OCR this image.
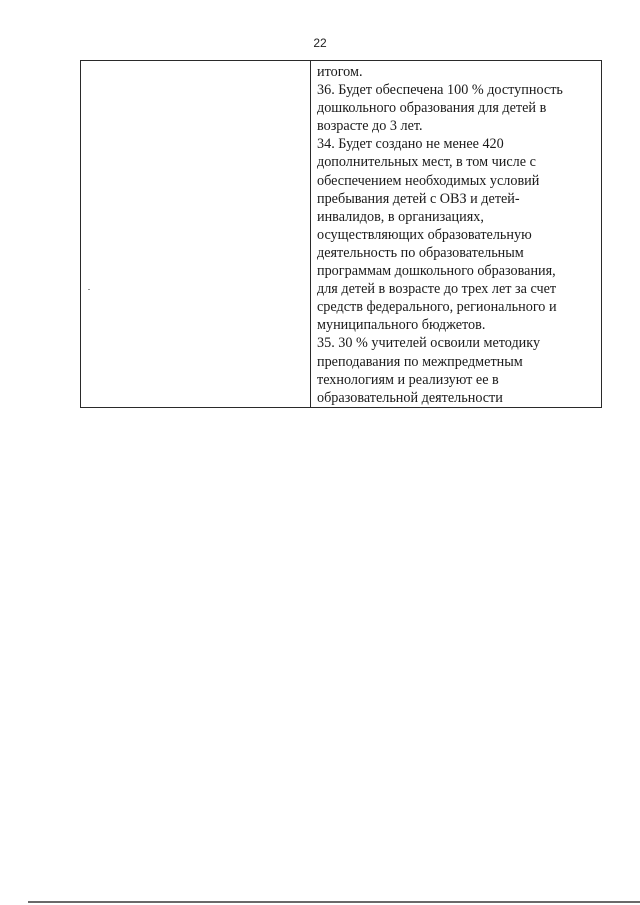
22

итогом.
36. Будет обеспечена 100 % доступность
дошкольного образования для детей в
возрасте до 3 лет.
34. Будет создано не менее 420
дополнительных мест, в том числе с
обеспечением необходимых условий
пребывания детей с ОВЗ и детей-
инвалидов, в организациях,
осуществляющих образовательную
деятельность по образовательным
программам дошкольного образования,
для детей в возрасте до трех лет за счет
средств федерального, регионального и
муниципального бюджетов.
35. 30 % учителей освоили методику
преподавания по межпредметным
технологиям и реализуют ее в
образовательной деятельности
